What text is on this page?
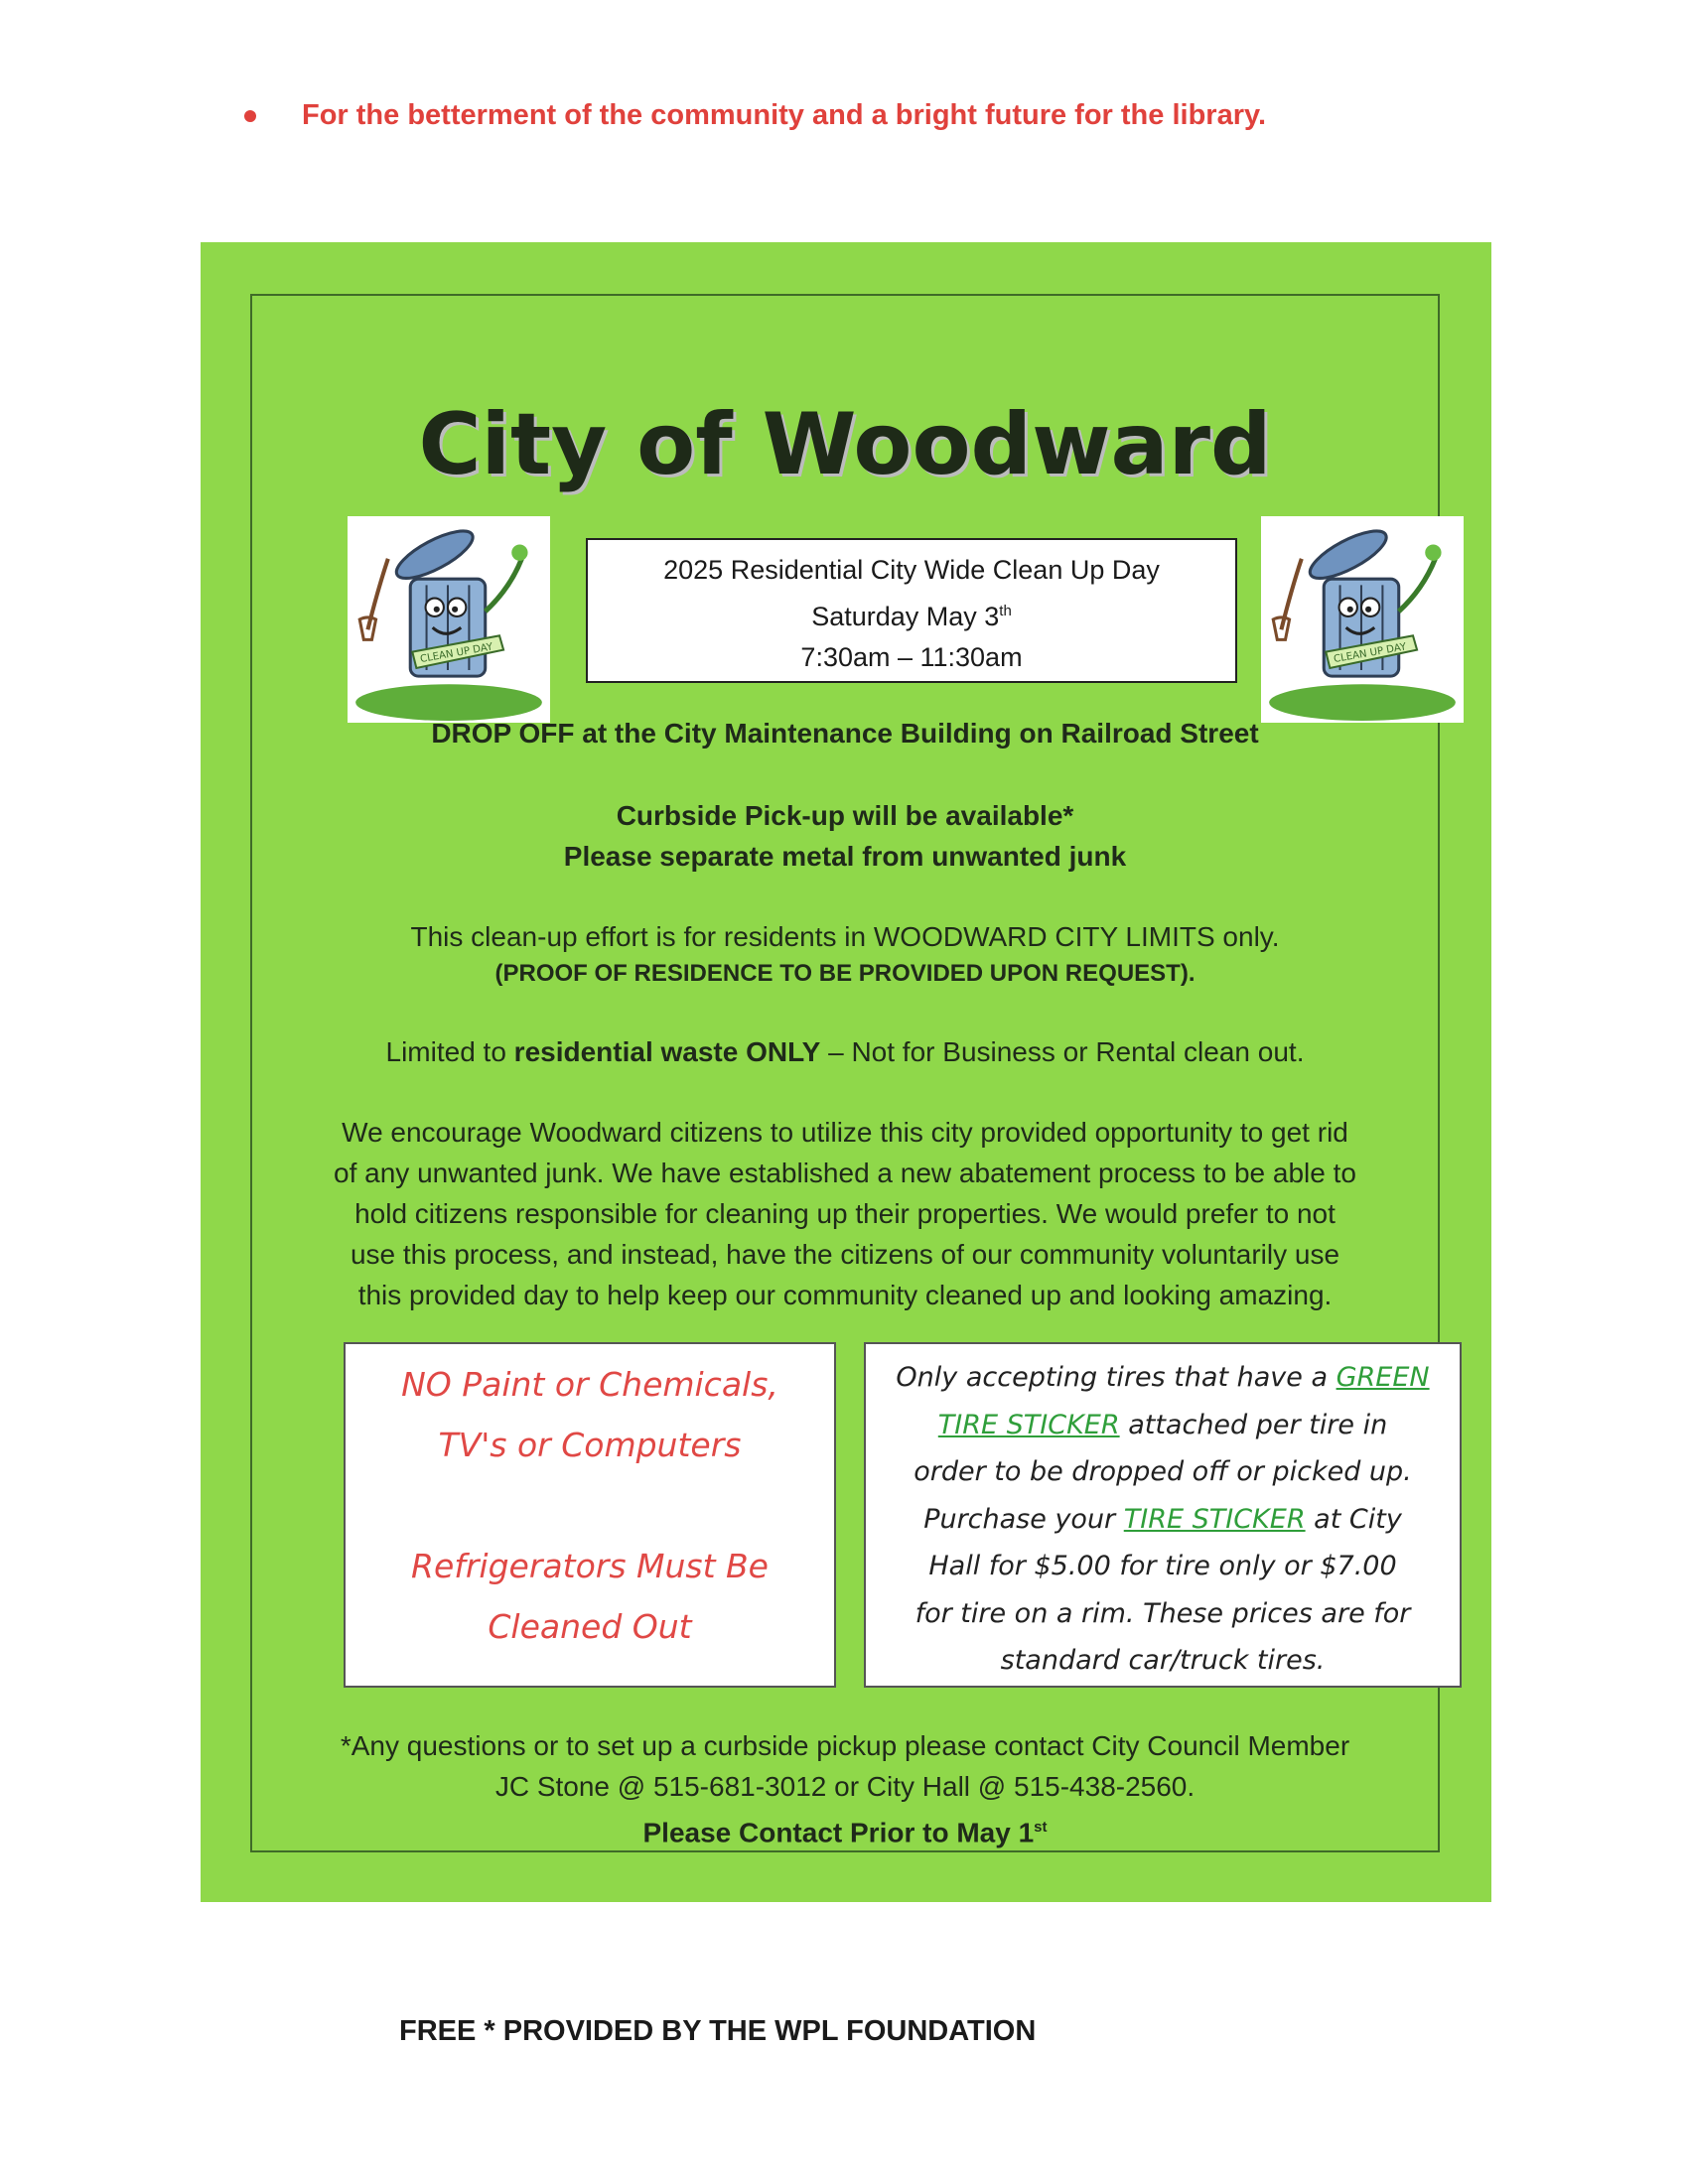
For the betterment of the community and a bright future for the library.
City of Woodward
CLEAN UP DAY	CLEAN UP DAY
2025 Residential City Wide Clean Up Day
Saturday May 3th
7:30am – 11:30am
DROP OFF at the City Maintenance Building on Railroad Street
Curbside Pick-up will be available*
Please separate metal from unwanted junk
This clean-up effort is for residents in WOODWARD CITY LIMITS only.
(PROOF OF RESIDENCE TO BE PROVIDED UPON REQUEST).
Limited to residential waste ONLY – Not for Business or Rental clean out.
We encourage Woodward citizens to utilize this city provided opportunity to get rid
of any unwanted junk. We have established a new abatement process to be able to
hold citizens responsible for cleaning up their properties. We would prefer to not
use this process, and instead, have the citizens of our community voluntarily use
this provided day to help keep our community cleaned up and looking amazing.
NO Paint or Chemicals,
TV's or Computers
Refrigerators Must Be
Cleaned Out
Only accepting tires that have a GREEN
TIRE STICKER attached per tire in
order to be dropped off or picked up.
Purchase your TIRE STICKER at City
Hall for $5.00 for tire only or $7.00
for tire on a rim. These prices are for
standard car/truck tires.
*Any questions or to set up a curbside pickup please contact City Council Member
JC Stone @ 515-681-3012 or City Hall @ 515-438-2560.
Please Contact Prior to May 1st
FREE * PROVIDED BY THE WPL FOUNDATION
